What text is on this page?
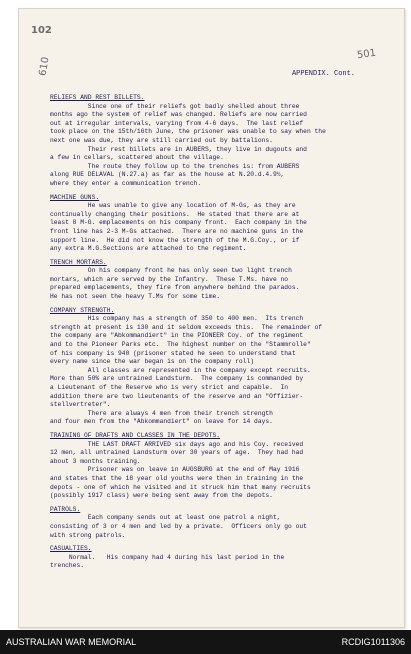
102
610
501
APPENDIX. Cont.
RELIEFS AND REST BILLETS.
Since one of their reliefs got badly shelled about three
months ago the system of relief was changed. Reliefs are now carried
out at irregular intervals, varying from 4-6 days.  The last relief
took place on the 15th/16th June, the prisoner was unable to say when the
next one was due, they are still carried out by battalions.
Their rest billets are in AUBERS, they live in dugouts and
a few in cellars, scattered about the village.
The route they follow up to the trenches is: from AUBERS
along RUE DELAVAL (N.27.a) as far as the house at N.20.d.4.9½,
where they enter a communication trench.
MACHINE GUNS.
He was unable to give any location of M-Gs, as they are
continually changing their positions.  He stated that there are at
least 8 M-G. emplacements on his company front.  Each company in the
front line has 2-3 M-Gs attached.  There are no machine guns in the
support line.  He did not know the strength of the M.G.Coy., or if
any extra M.G.Sections are attached to the regiment.
TRENCH MORTARS.
On his company front he has only seen two light trench
mortars, which are served by the Infantry.  These T.Ms. have no
prepared emplacements, they fire from anywhere behind the parados.
He has not seen the heavy T.Ms for some time.
COMPANY STRENGTH.
His company has a strength of 350 to 400 men.  Its trench
strength at present is 130 and it seldom exceeds this.  The remainder of
the company are "Abkommandiert" in the PIONEER Coy. of the regiment
and to the Pioneer Parks etc.  The highest number on the "Stammrolle"
of his company is 940 (prisoner stated he seen to understand that
every name since the war began is on the company roll)
All classes are represented in the company except recruits.
More than 50% are untrained Landsturm.  The company is commanded by
a Lieutenant of the Reserve who is very strict and capable.  In
addition there are two lieutenants of the reserve and an "Offizier-
stellvertreter".
There are always 4 men from their trench strength
and four men from the "Abkommandiert" on leave for 14 days.
TRAINING OF DRAFTS AND CLASSES IN THE DEPOTS.
THE LAST DRAFT ARRIVED six days ago and his Coy. received
12 men, all untrained Landsturm over 30 years of age.  They had had
about 3 months training.
Prisoner was on leave in AUGSBURG at the end of May 1916
and states that the 18 year old youths were then in training in the
depots - one of which he visited and it struck him that many recruits
(possibly 1917 class) were being sent away from the depots.
PATROLS.
Each company sends out at least one patrol a night,
consisting of 3 or 4 men and led by a private.  Officers only go out
with strong patrols.
CASUALTIES.
Normal.   His company had 4 during his last period in the
trenches.
AUSTRALIAN WAR MEMORIAL	RCDIG1011306
